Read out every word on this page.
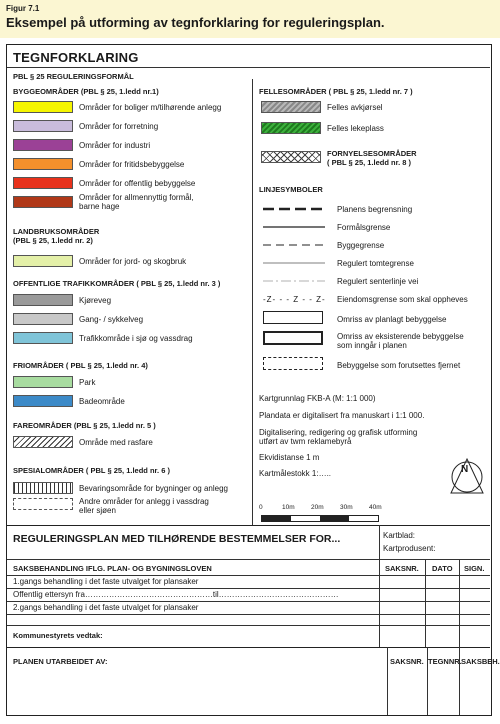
Figur 7.1
Eksempel på utforming av tegnforklaring for reguleringsplan.
TEGNFORKLARING
PBL § 25 REGULERINGSFORMÅL
BYGGEOMRÅDER (PBL § 25, 1.ledd nr.1)
Områder for boliger m/tilhørende anlegg
Områder for forretning
Områder for industri
Områder for fritidsbebyggelse
Områder for offentlig bebyggelse
Områder for allmennyttig formål,
barne hage
LANDBRUKSOMRÅDER
(PBL § 25, 1.ledd nr. 2)
Områder for jord- og skogbruk
OFFENTLIGE TRAFIKKOMRÅDER ( PBL § 25, 1.ledd nr. 3 )
Kjøreveg
Gang- / sykkelveg
Trafikkområde i sjø og vassdrag
FRIOMRÅDER ( PBL § 25, 1.ledd nr. 4)
Park
Badeområde
FAREOMRÅDER (PBL § 25, 1.ledd nr. 5 )
Område med rasfare
SPESIALOMRÅDER ( PBL § 25, 1.ledd nr. 6 )
Bevaringsområde for bygninger og anlegg
Andre områder for anlegg i vassdrag
eller sjøen
FELLESOMRÅDER ( PBL § 25, 1.ledd nr. 7 )
Felles avkjørsel
Felles lekeplass
FORNYELSESOMRÅDER
( PBL § 25, 1.ledd nr. 8 )
LINJESYMBOLER
-Z- - - Z - - Z-
Planens begrensning
Formålsgrense
Byggegrense
Regulert tomtegrense
Regulert senterlinje vei
Eiendomsgrense som skal oppheves
Omriss av planlagt bebyggelse
Omriss av eksisterende bebyggelse
som inngår i planen
Bebyggelse som forutsettes fjernet
Kartgrunnlag FKB-A (M: 1:1 000)
Plandata er digitalisert fra manuskart i 1:1 000.
Digitalisering, redigering og grafisk utforming
utført av twm reklamebyrå
Ekvidistanse 1 m
Kartmålestokk 1:…..	N
0	10m	20m	30m	40m
REGULERINGSPLAN MED TILHØRENDE BESTEMMELSER FOR...	Kartblad:
Kartprodusent:
SAKSBEHANDLING IFLG. PLAN- OG BYGNINGSLOVEN	SAKSNR. DATO SIGN.
1.gangs behandling i det faste utvalget for plansaker
Offentlig ettersyn fra…………………………………………til………………………………………
2.gangs behandling i det faste utvalget for plansaker
Kommunestyrets vedtak:
PLANEN UTARBEIDET AV:	SAKSNR. TEGNNR. SAKSBEH.
